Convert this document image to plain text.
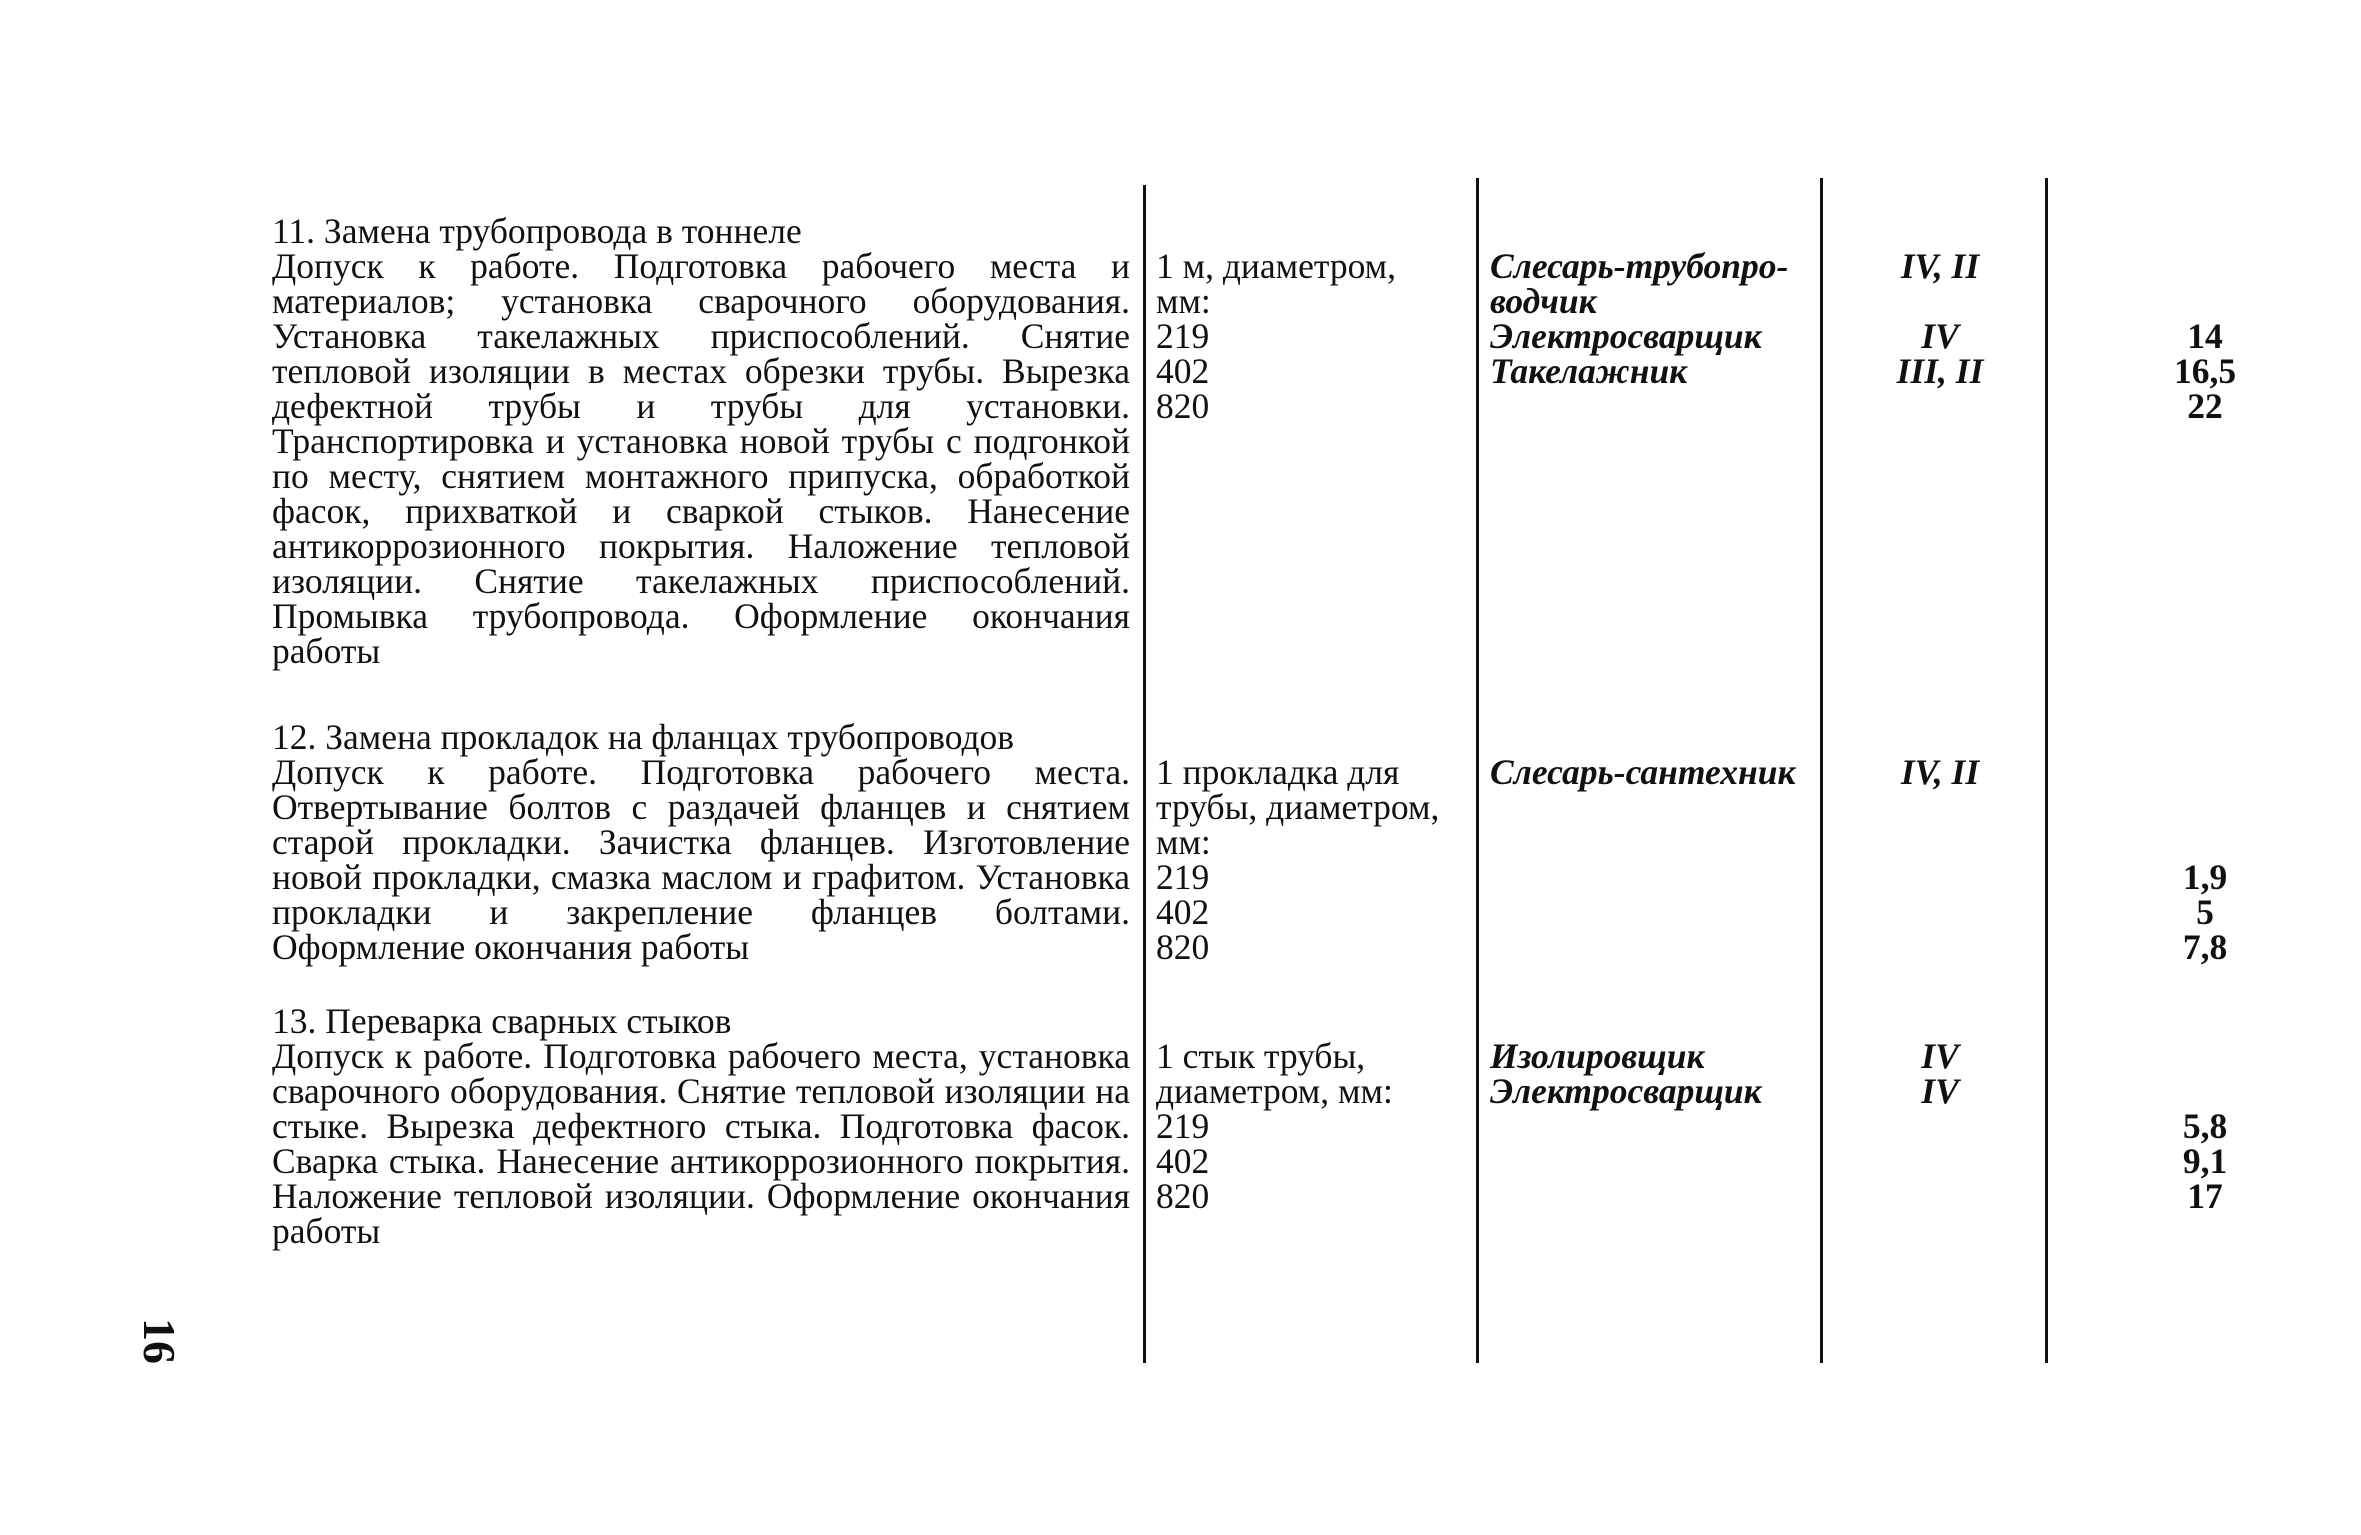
11. Замена трубопровода в тоннеле
Допуск к работе. Подготовка рабочего места и материалов; установка сварочного оборудования. Установка такелажных приспособлений. Снятие тепловой изоляции в местах обрезки трубы. Вырезка дефектной трубы и трубы для установки. Транспортировка и установка новой трубы с подгонкой по месту, снятием монтажного припуска, обработкой фасок, прихваткой и сваркой стыков. Нанесение антикоррозионного покрытия. Наложение тепловой изоляции. Снятие такелажных приспособлений. Промывка трубопровода. Оформление окончания работы
1 м, диаметром,
мм:
219
402
820
Слесарь-трубопро-
водчик
Электросварщик
Такелажник
IV, II

IV
III, II
14
16,5
22
12. Замена прокладок на фланцах трубопроводов
Допуск к работе. Подготовка рабочего места. Отвертывание болтов с раздачей фланцев и снятием старой прокладки. Зачистка фланцев. Изготовление новой прокладки, смазка маслом и графитом. Установка прокладки и закрепление фланцев болтами. Оформление окончания работы
1 прокладка для
трубы, диаметром,
мм:
219
402
820
Слесарь-сантехник	IV, II
1,9
5
7,8
13. Переварка сварных стыков
Допуск к работе. Подготовка рабочего места, установка сварочного оборудования. Снятие тепловой изоляции на стыке. Вырезка дефектного стыка. Подготовка фасок. Сварка стыка. Нанесение антикоррозионного покрытия. Наложение тепловой изоляции. Оформление окончания работы
1 стык трубы,
диаметром, мм:
219
402
820
Изолировщик
Электросварщик
IV
IV
5,8
9,1
17
16
